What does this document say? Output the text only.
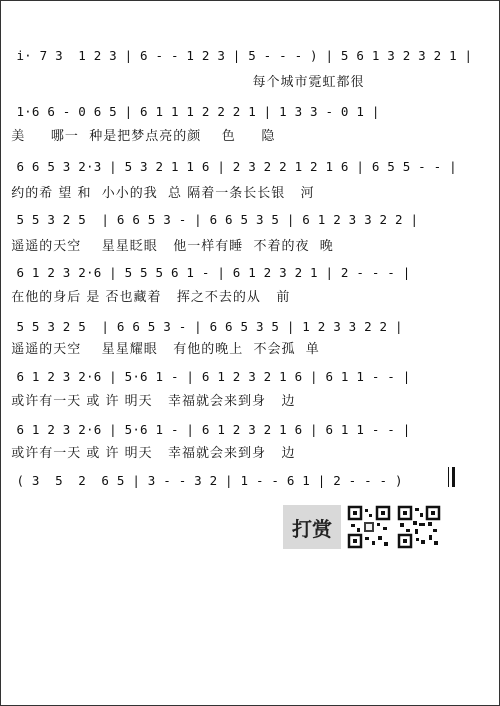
i· 7 3  1 2 3 | 6 - - 1 2 3 | 5 - - - ) | 5 6 1 3 2 3 2 1 |
每个城市霓虹都很
1·6 6 - 0 6 5 | 6 1 1 1 2 2 2 1 | 1 3 3 - 0 1 |
美     哪一  种是把梦点亮的颜    色     隐
6 6 5 3 2·3 | 5 3 2 1 1 6 | 2 3 2 2 1 2 1 6 | 6 5 5 - - |
约的希 望 和  小小的我  总 隔着一条长长银   河
5 5 3 2 5  | 6 6 5 3 - | 6 6 5 3 5 | 6 1 2 3 3 2 2 |
遥遥的天空    星星眨眼   他一样有睡  不着的夜  晚
6 1 2 3 2·6 | 5 5 5 6 1 - | 6 1 2 3 2 1 | 2 - - - |
在他的身后 是 否也藏着   挥之不去的从   前
5 5 3 2 5  | 6 6 5 3 - | 6 6 5 3 5 | 1 2 3 3 2 2 |
遥遥的天空    星星耀眼   有他的晚上  不会孤  单
6 1 2 3 2·6 | 5·6 1 - | 6 1 2 3 2 1 6 | 6 1 1 - - |
或许有一天 或 许 明天   幸福就会来到身   边
6 1 2 3 2·6 | 5·6 1 - | 6 1 2 3 2 1 6 | 6 1 1 - - |
或许有一天 或 许 明天   幸福就会来到身   边
( 3  5  2  6 5 | 3 - - 3 2 | 1 - - 6 1 | 2 - - - )
打赏
